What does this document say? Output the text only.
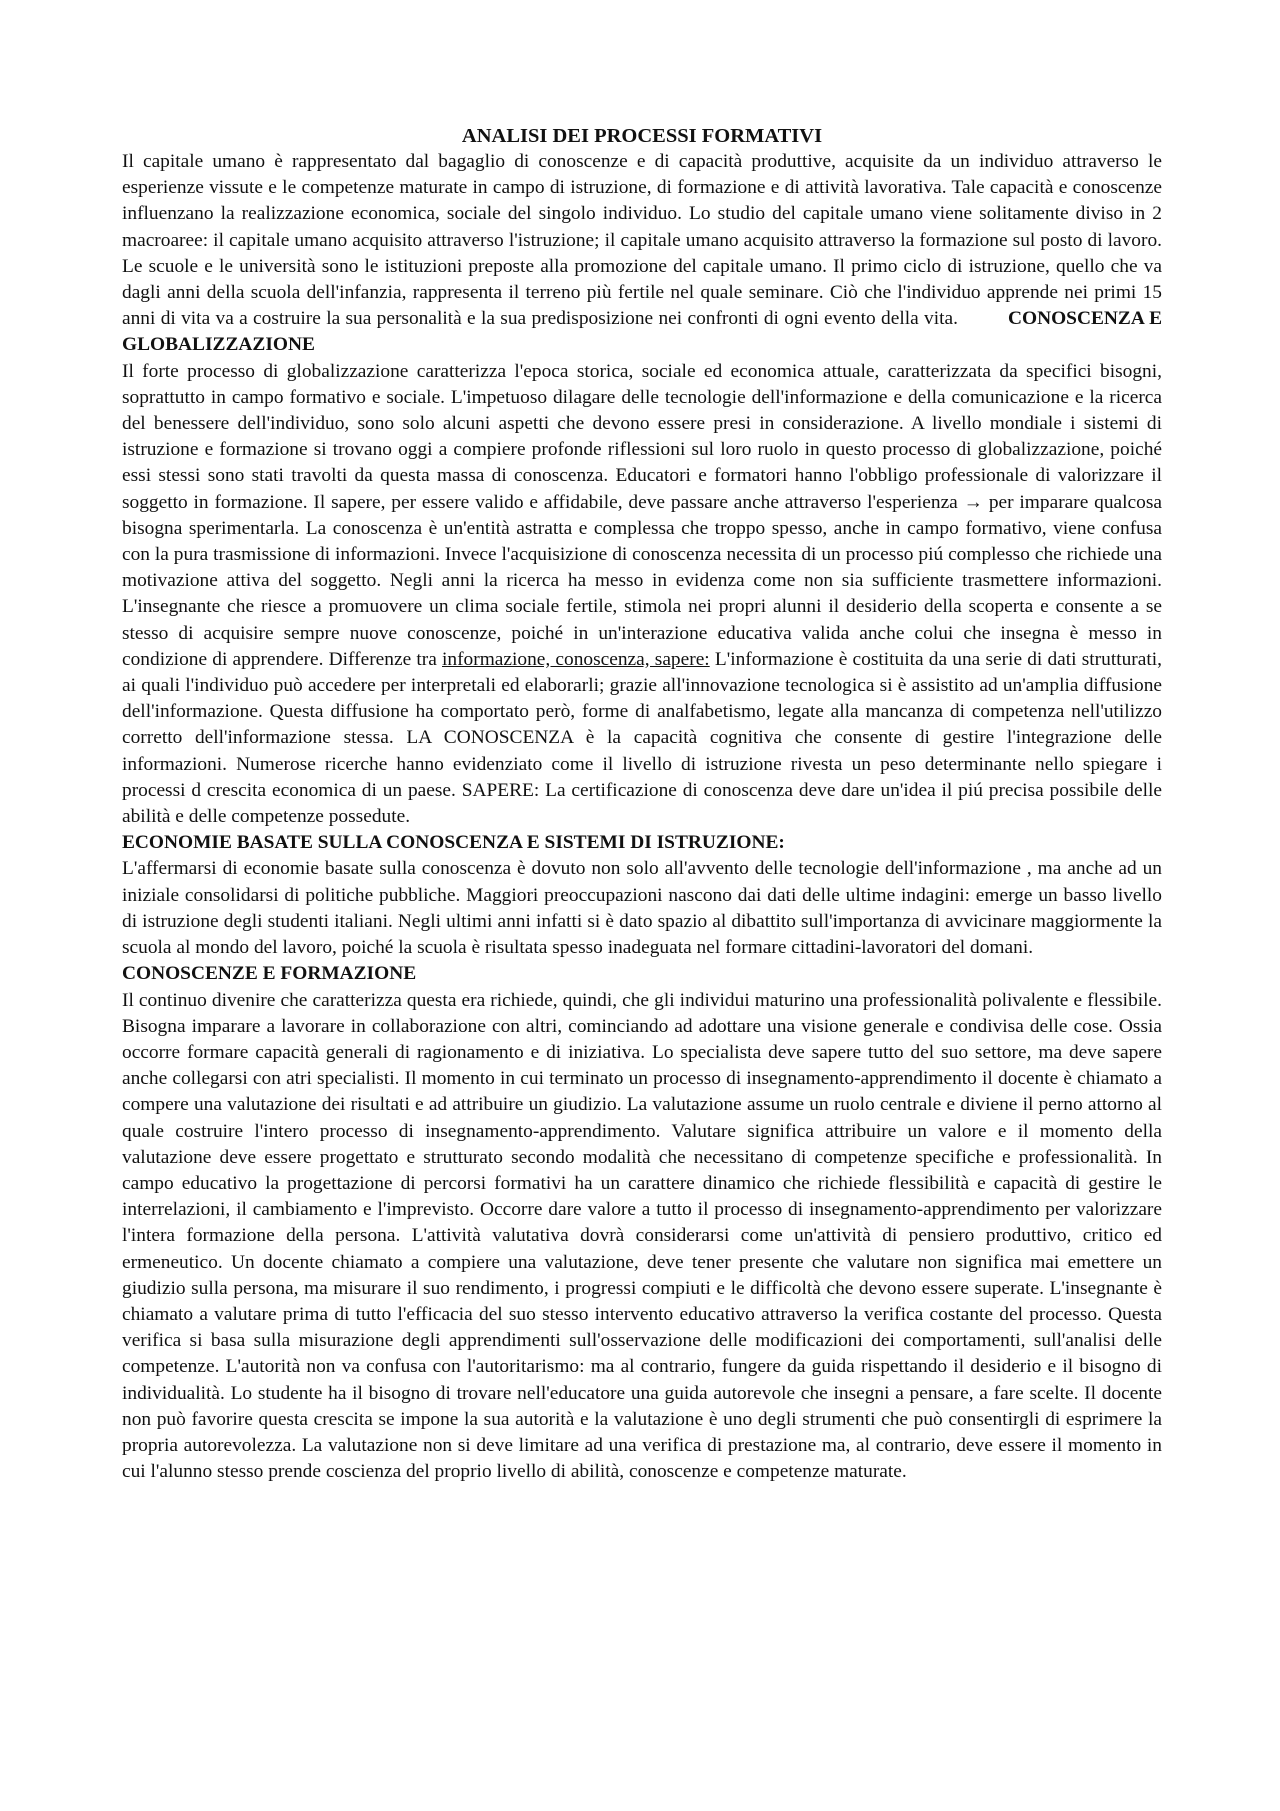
ANALISI DEI PROCESSI FORMATIVI

Il capitale umano è rappresentato dal bagaglio di conoscenze e di capacità produttive, acquisite da un individuo attraverso le esperienze vissute e le competenze maturate in campo di istruzione, di formazione e di attività lavorativa. Tale capacità e conoscenze influenzano la realizzazione economica, sociale del singolo individuo. Lo studio del capitale umano viene solitamente diviso in 2 macroaree: il capitale umano acquisito attraverso l'istruzione; il capitale umano acquisito attraverso la formazione sul posto di lavoro. Le scuole e le università sono le istituzioni preposte alla promozione del capitale umano. Il primo ciclo di istruzione, quello che va dagli anni della scuola dell'infanzia, rappresenta il terreno più fertile nel quale seminare. Ciò che l'individuo apprende nei primi 15 anni di vita va a costruire la sua personalità e la sua predisposizione nei confronti di ogni evento della vita.	CONOSCENZA E GLOBALIZZAZIONE

Il forte processo di globalizzazione caratterizza l'epoca storica, sociale ed economica attuale, caratterizzata da specifici bisogni, soprattutto in campo formativo e sociale. L'impetuoso dilagare delle tecnologie dell'informazione e della comunicazione e la ricerca del benessere dell'individuo, sono solo alcuni aspetti che devono essere presi in considerazione. A livello mondiale i sistemi di istruzione e formazione si trovano oggi a compiere profonde riflessioni sul loro ruolo in questo processo di globalizzazione, poiché essi stessi sono stati travolti da questa massa di conoscenza. Educatori e formatori hanno l'obbligo professionale di valorizzare il soggetto in formazione. Il sapere, per essere valido e affidabile, deve passare anche attraverso l'esperienza → per imparare qualcosa bisogna sperimentarla. La conoscenza è un'entità astratta e complessa che troppo spesso, anche in campo formativo, viene confusa con la pura trasmissione di informazioni. Invece l'acquisizione di conoscenza necessita di un processo piú complesso che richiede una motivazione attiva del soggetto. Negli anni la ricerca ha messo in evidenza come non sia sufficiente trasmettere informazioni. L'insegnante che riesce a promuovere un clima sociale fertile, stimola nei propri alunni il desiderio della scoperta e consente a se stesso di acquisire sempre nuove conoscenze, poiché in un'interazione educativa valida anche colui che insegna è messo in condizione di apprendere. Differenze tra informazione, conoscenza, sapere: L'informazione è costituita da una serie di dati strutturati, ai quali l'individuo può accedere per interpretali ed elaborarli; grazie all'innovazione tecnologica si è assistito ad un'amplia diffusione dell'informazione. Questa diffusione ha comportato però, forme di analfabetismo, legate alla mancanza di competenza nell'utilizzo corretto dell'informazione stessa. LA CONOSCENZA è la capacità cognitiva che consente di gestire l'integrazione delle informazioni. Numerose ricerche hanno evidenziato come il livello di istruzione rivesta un peso determinante nello spiegare i processi d crescita economica di un paese. SAPERE: La certificazione di conoscenza deve dare un'idea il piú precisa possibile delle abilità e delle competenze possedute.

ECONOMIE BASATE SULLA CONOSCENZA E SISTEMI DI ISTRUZIONE:

L'affermarsi di economie basate sulla conoscenza è dovuto non solo all'avvento delle tecnologie dell'informazione , ma anche ad un iniziale consolidarsi di politiche pubbliche. Maggiori preoccupazioni nascono dai dati delle ultime indagini: emerge un basso livello di istruzione degli studenti italiani. Negli ultimi anni infatti si è dato spazio al dibattito sull'importanza di avvicinare maggiormente la scuola al mondo del lavoro, poiché la scuola è risultata spesso inadeguata nel formare cittadini-lavoratori del domani.

CONOSCENZE E FORMAZIONE

Il continuo divenire che caratterizza questa era richiede, quindi, che gli individui maturino una professionalità polivalente e flessibile. Bisogna imparare a lavorare in collaborazione con altri, cominciando ad adottare una visione generale e condivisa delle cose. Ossia occorre formare capacità generali di ragionamento e di iniziativa. Lo specialista deve sapere tutto del suo settore, ma deve sapere anche collegarsi con atri specialisti. Il momento in cui terminato un processo di insegnamento-apprendimento il docente è chiamato a compere una valutazione dei risultati e ad attribuire un giudizio. La valutazione assume un ruolo centrale e diviene il perno attorno al quale costruire l'intero processo di insegnamento-apprendimento. Valutare significa attribuire un valore e il momento della valutazione deve essere progettato e strutturato secondo modalità che necessitano di competenze specifiche e professionalità. In campo educativo la progettazione di percorsi formativi ha un carattere dinamico che richiede flessibilità e capacità di gestire le interrelazioni, il cambiamento e l'imprevisto. Occorre dare valore a tutto il processo di insegnamento-apprendimento per valorizzare l'intera formazione della persona. L'attività valutativa dovrà considerarsi come un'attività di pensiero produttivo, critico ed ermeneutico. Un docente chiamato a compiere una valutazione, deve tener presente che valutare non significa mai emettere un giudizio sulla persona, ma misurare il suo rendimento, i progressi compiuti e le difficoltà che devono essere superate. L'insegnante è chiamato a valutare prima di tutto l'efficacia del suo stesso intervento educativo attraverso la verifica costante del processo. Questa verifica si basa sulla misurazione degli apprendimenti sull'osservazione delle modificazioni dei comportamenti, sull'analisi delle competenze. L'autorità non va confusa con l'autoritarismo: ma al contrario, fungere da guida rispettando il desiderio e il bisogno di individualità. Lo studente ha il bisogno di trovare nell'educatore una guida autorevole che insegni a pensare, a fare scelte. Il docente non può favorire questa crescita se impone la sua autorità e la valutazione è uno degli strumenti che può consentirgli di esprimere la propria autorevolezza. La valutazione non si deve limitare ad una verifica di prestazione ma, al contrario, deve essere il momento in cui l'alunno stesso prende coscienza del proprio livello di abilità, conoscenze e competenze maturate.
